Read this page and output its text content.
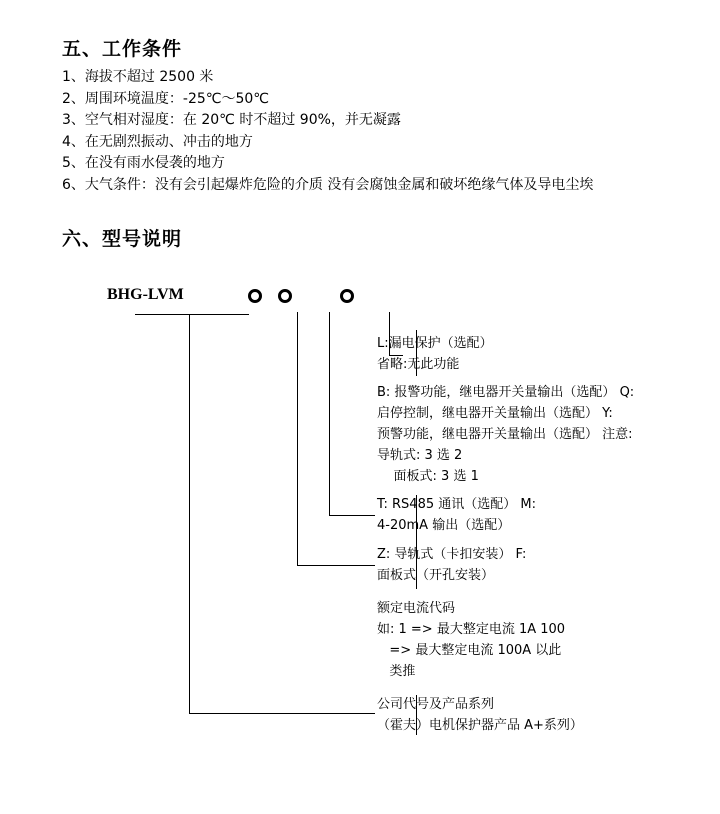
五、工作条件
1、海拔不超过 2500 米
2、周围环境温度：-25℃～50℃
3、空气相对湿度：在 20℃ 时不超过 90%，并无凝露
4、在无剧烈振动、冲击的地方
5、在没有雨水侵袭的地方
6、大气条件：没有会引起爆炸危险的介质 没有会腐蚀金属和破坏绝缘气体及导电尘埃
六、型号说明
BHG-LVM
L:漏电保护（选配）
省略:无此功能
B: 报警功能，继电器开关量输出（选配） Q:
启停控制，继电器开关量输出（选配） Y:
预警功能，继电器开关量输出（选配） 注意:
导轨式: 3 选 2
面板式: 3 选 1
T: RS485 通讯（选配） M:
4-20mA 输出（选配）
Z: 导轨式（卡扣安装） F:
面板式（开孔安装）
额定电流代码
如: 1 => 最大整定电流 1A 100
=> 最大整定电流 100A 以此
类推
公司代号及产品系列
（霍夫）电机保护器产品 A+系列）
